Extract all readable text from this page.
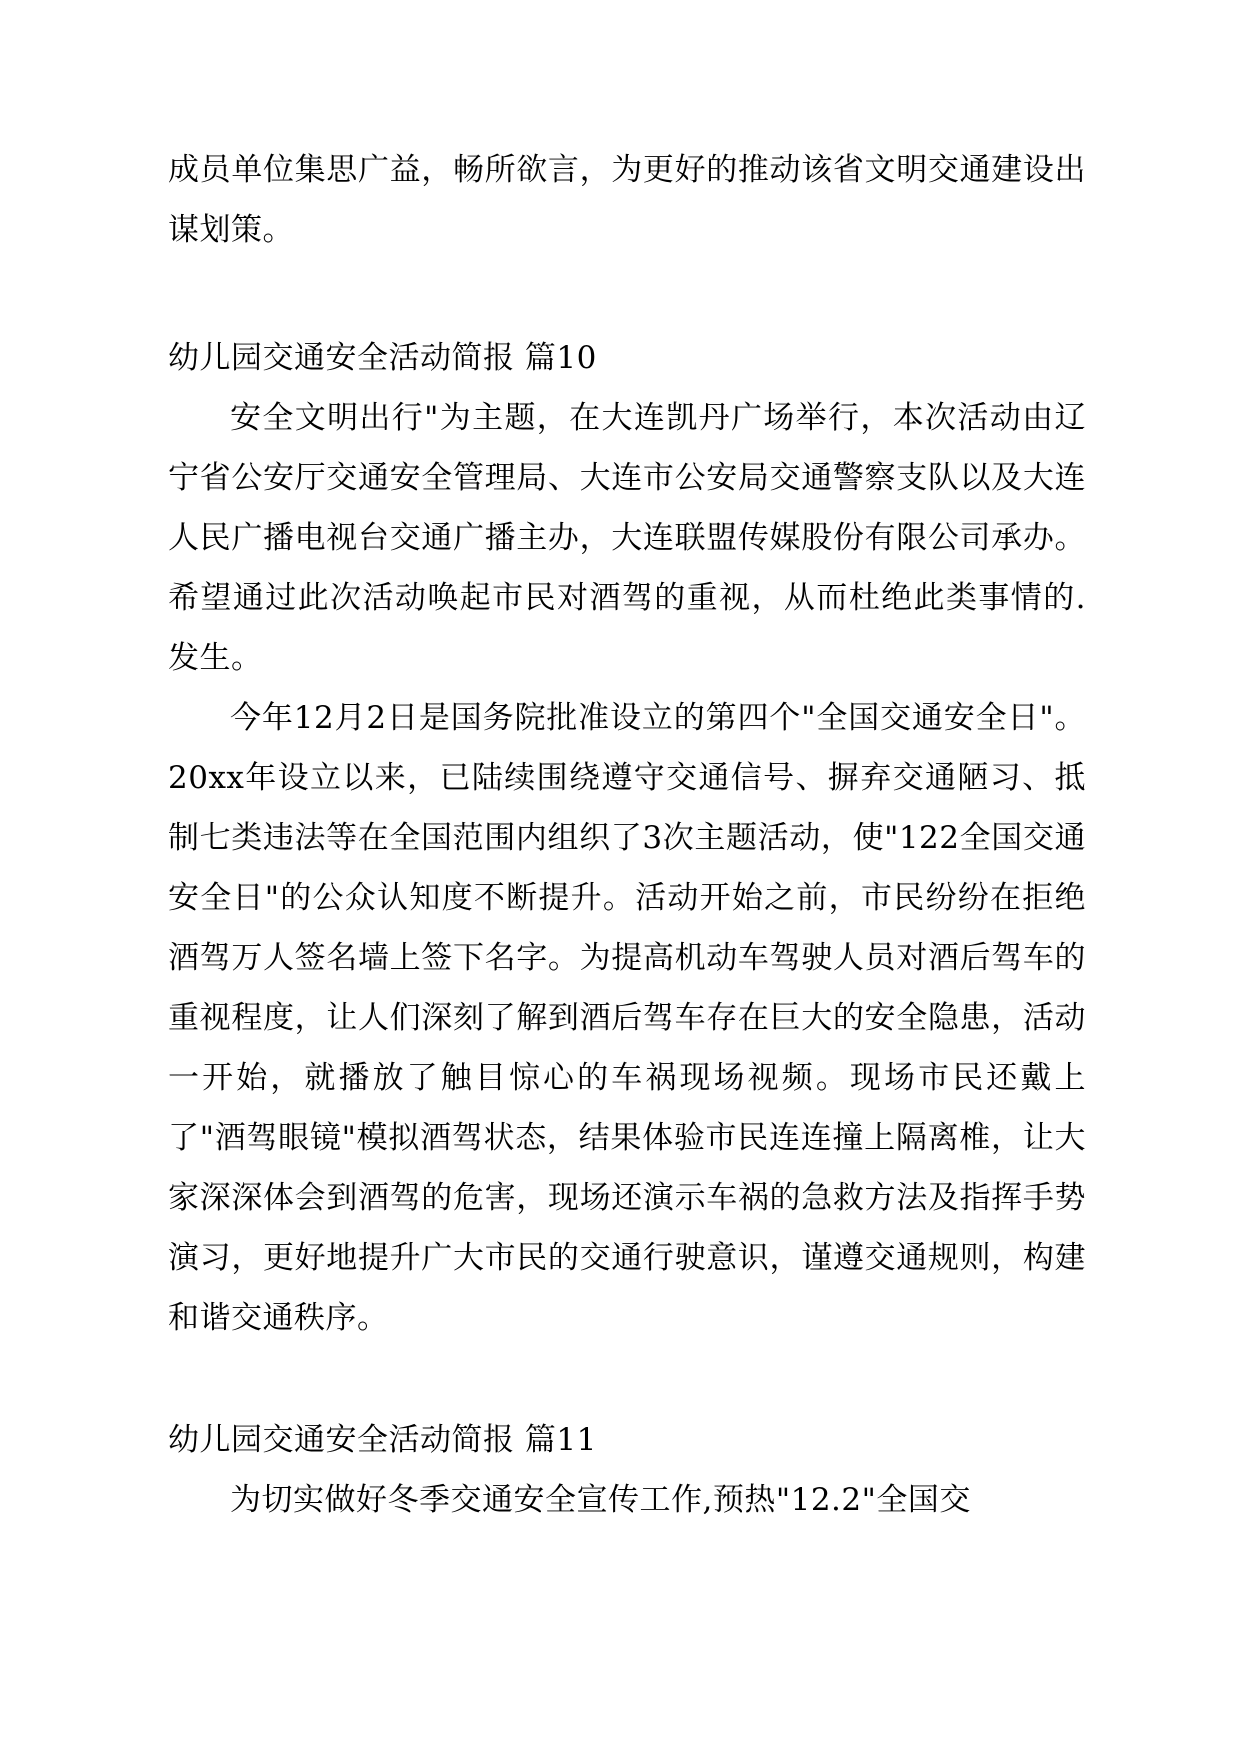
成员单位集思广益，畅所欲言，为更好的推动该省文明交通建设出谋划策。

幼儿园交通安全活动简报 篇10

安全文明出行"为主题，在大连凯丹广场举行，本次活动由辽宁省公安厅交通安全管理局、大连市公安局交通警察支队以及大连人民广播电视台交通广播主办，大连联盟传媒股份有限公司承办。希望通过此次活动唤起市民对酒驾的重视，从而杜绝此类事情的.发生。

今年12月2日是国务院批准设立的第四个"全国交通安全日"。20xx年设立以来，已陆续围绕遵守交通信号、摒弃交通陋习、抵制七类违法等在全国范围内组织了3次主题活动，使"122全国交通安全日"的公众认知度不断提升。活动开始之前，市民纷纷在拒绝酒驾万人签名墙上签下名字。为提高机动车驾驶人员对酒后驾车的重视程度，让人们深刻了解到酒后驾车存在巨大的安全隐患，活动一开始，就播放了触目惊心的车祸现场视频。现场市民还戴上了"酒驾眼镜"模拟酒驾状态，结果体验市民连连撞上隔离椎，让大家深深体会到酒驾的危害，现场还演示车祸的急救方法及指挥手势演习，更好地提升广大市民的交通行驶意识，谨遵交通规则，构建和谐交通秩序。

幼儿园交通安全活动简报 篇11

为切实做好冬季交通安全宣传工作,预热"12.2"全国交
